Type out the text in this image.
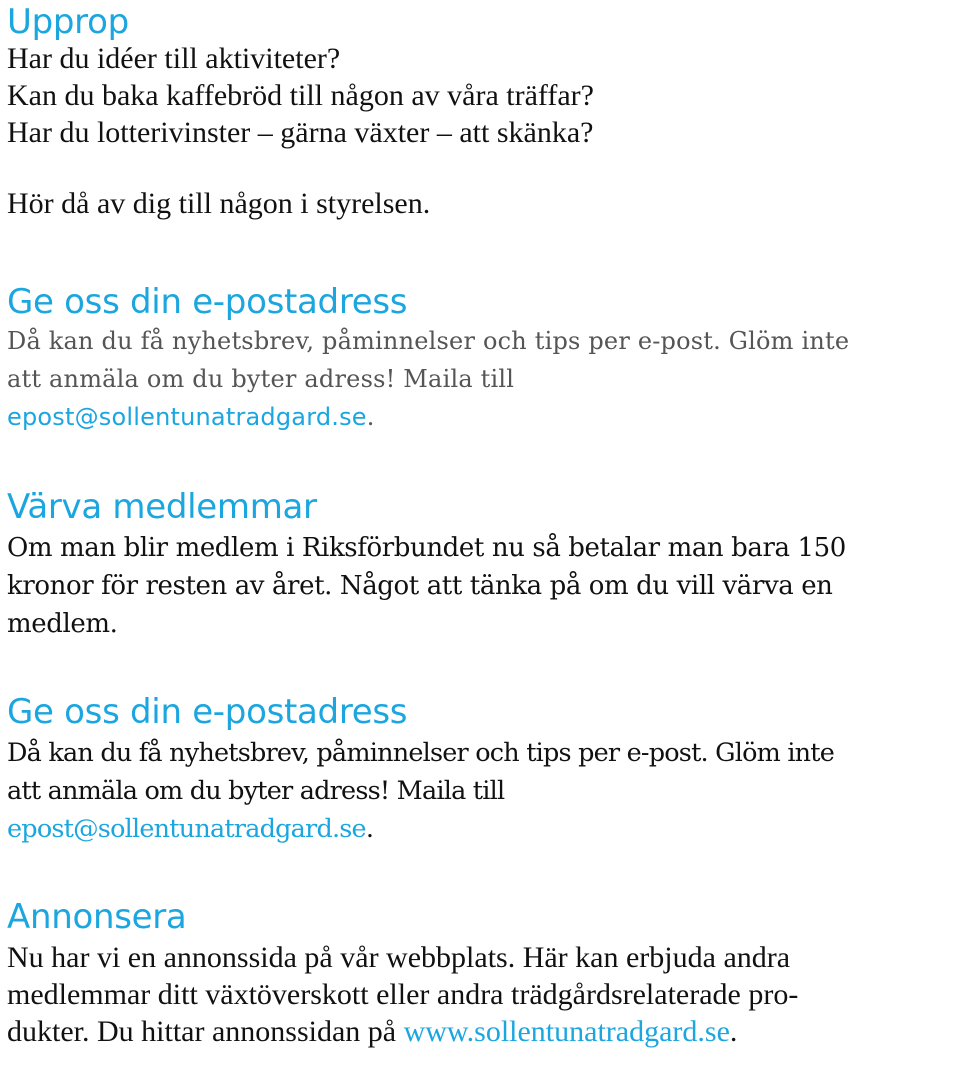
Upprop

Har du idéer till aktiviteter?
Kan du baka kaffebröd till någon av våra träffar?
Har du lotterivinster – gärna växter – att skänka?
Hör då av dig till någon i styrelsen.

Ge oss din e-postadress

Då kan du få nyhetsbrev, påminnelser och tips per e-post. Glöm inte
att anmäla om du byter adress! Maila till
epost@sollentunatradgard.se.

Värva medlemmar

Om man blir medlem i Riksförbundet nu så betalar man bara 150
kronor för resten av året. Något att tänka på om du vill värva en
medlem.

Ge oss din e-postadress

Då kan du få nyhetsbrev, påminnelser och tips per e-post. Glöm inte
att anmäla om du byter adress! Maila till
epost@sollentunatradgard.se.

Annonsera

Nu har vi en annonssida på vår webbplats. Här kan erbjuda andra
medlemmar ditt växtöverskott eller andra trädgårdsrelaterade pro-
dukter. Du hittar annonssidan på www.sollentunatradgard.se.
